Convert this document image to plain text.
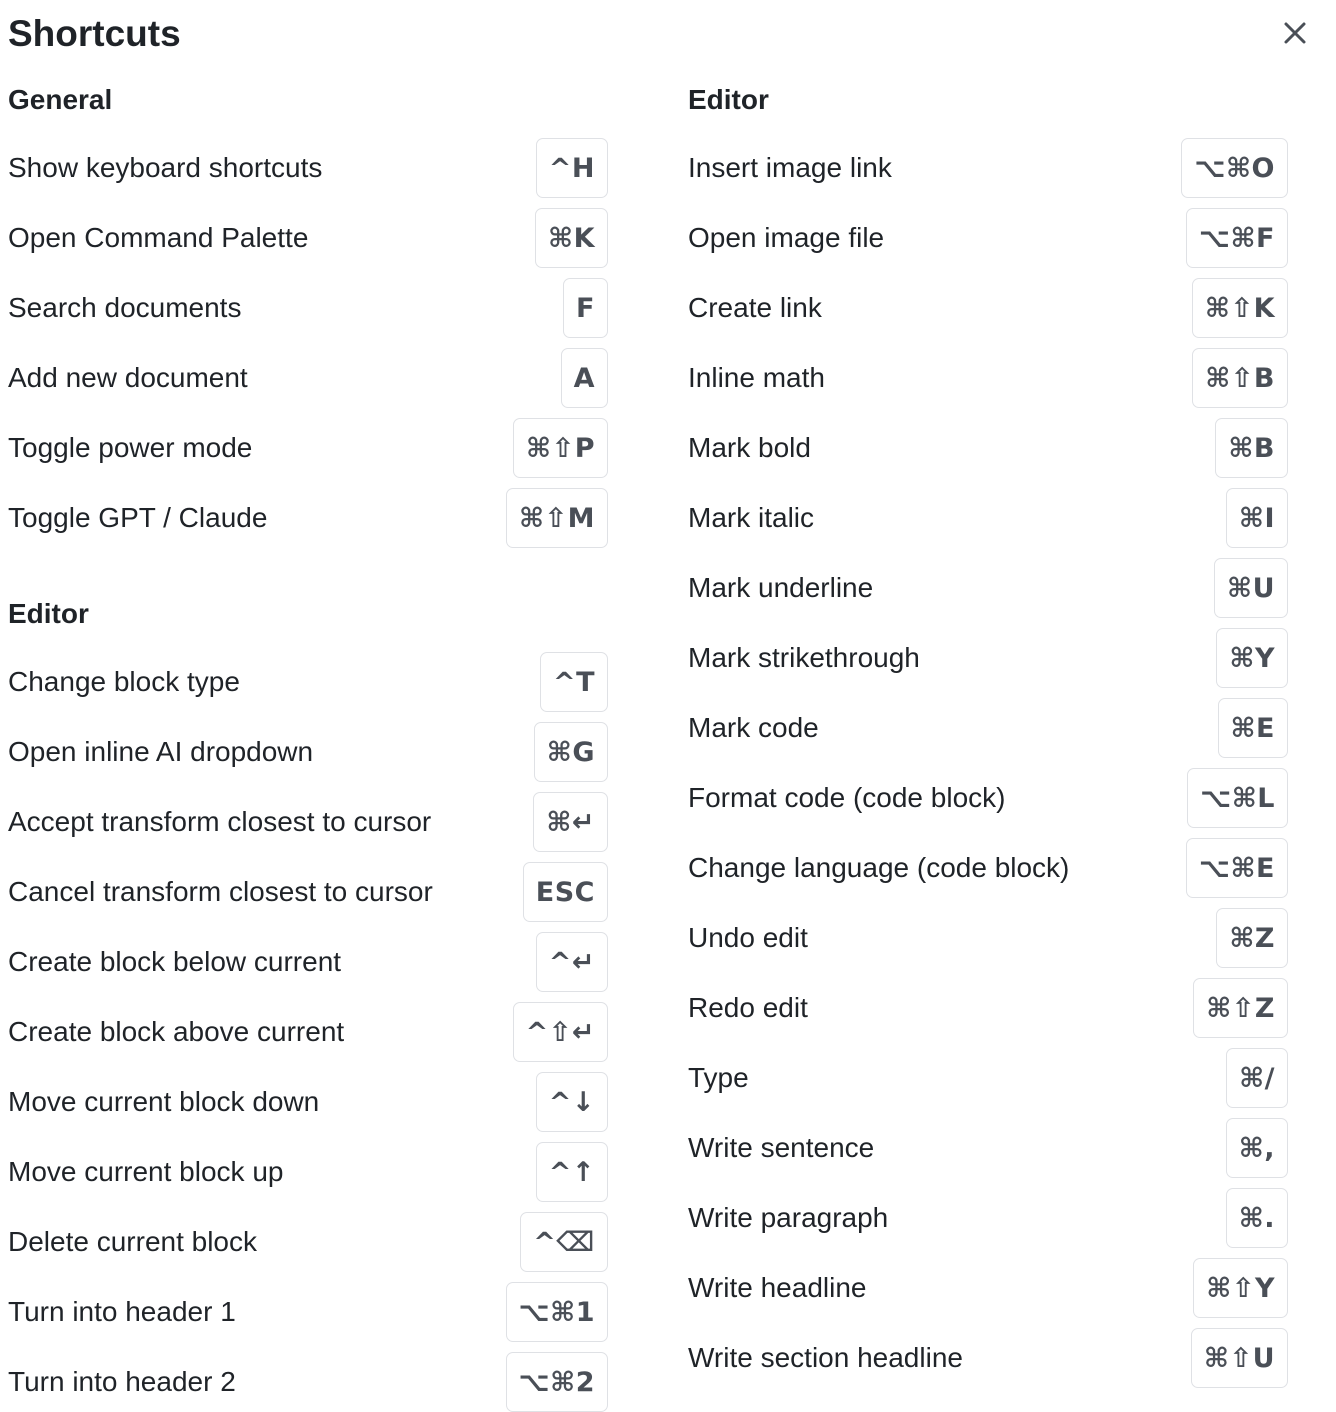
Shortcuts
General
Show keyboard shortcuts	^H
Open Command Palette	⌘K
Search documents	F
Add new document	A
Toggle power mode	⌘⇧P
Toggle GPT / Claude	⌘⇧M
Editor
Change block type	^T
Open inline AI dropdown	⌘G
Accept transform closest to cursor	⌘↵
Cancel transform closest to cursor	ESC
Create block below current	^↵
Create block above current	^⇧↵
Move current block down	^↓
Move current block up	^↑
Delete current block	^⌫
Turn into header 1	⌥⌘1
Turn into header 2	⌥⌘2
Editor
Insert image link	⌥⌘O
Open image file	⌥⌘F
Create link	⌘⇧K
Inline math	⌘⇧B
Mark bold	⌘B
Mark italic	⌘I
Mark underline	⌘U
Mark strikethrough	⌘Y
Mark code	⌘E
Format code (code block)	⌥⌘L
Change language (code block)	⌥⌘E
Undo edit	⌘Z
Redo edit	⌘⇧Z
Type	⌘/
Write sentence	⌘,
Write paragraph	⌘.
Write headline	⌘⇧Y
Write section headline	⌘⇧U
